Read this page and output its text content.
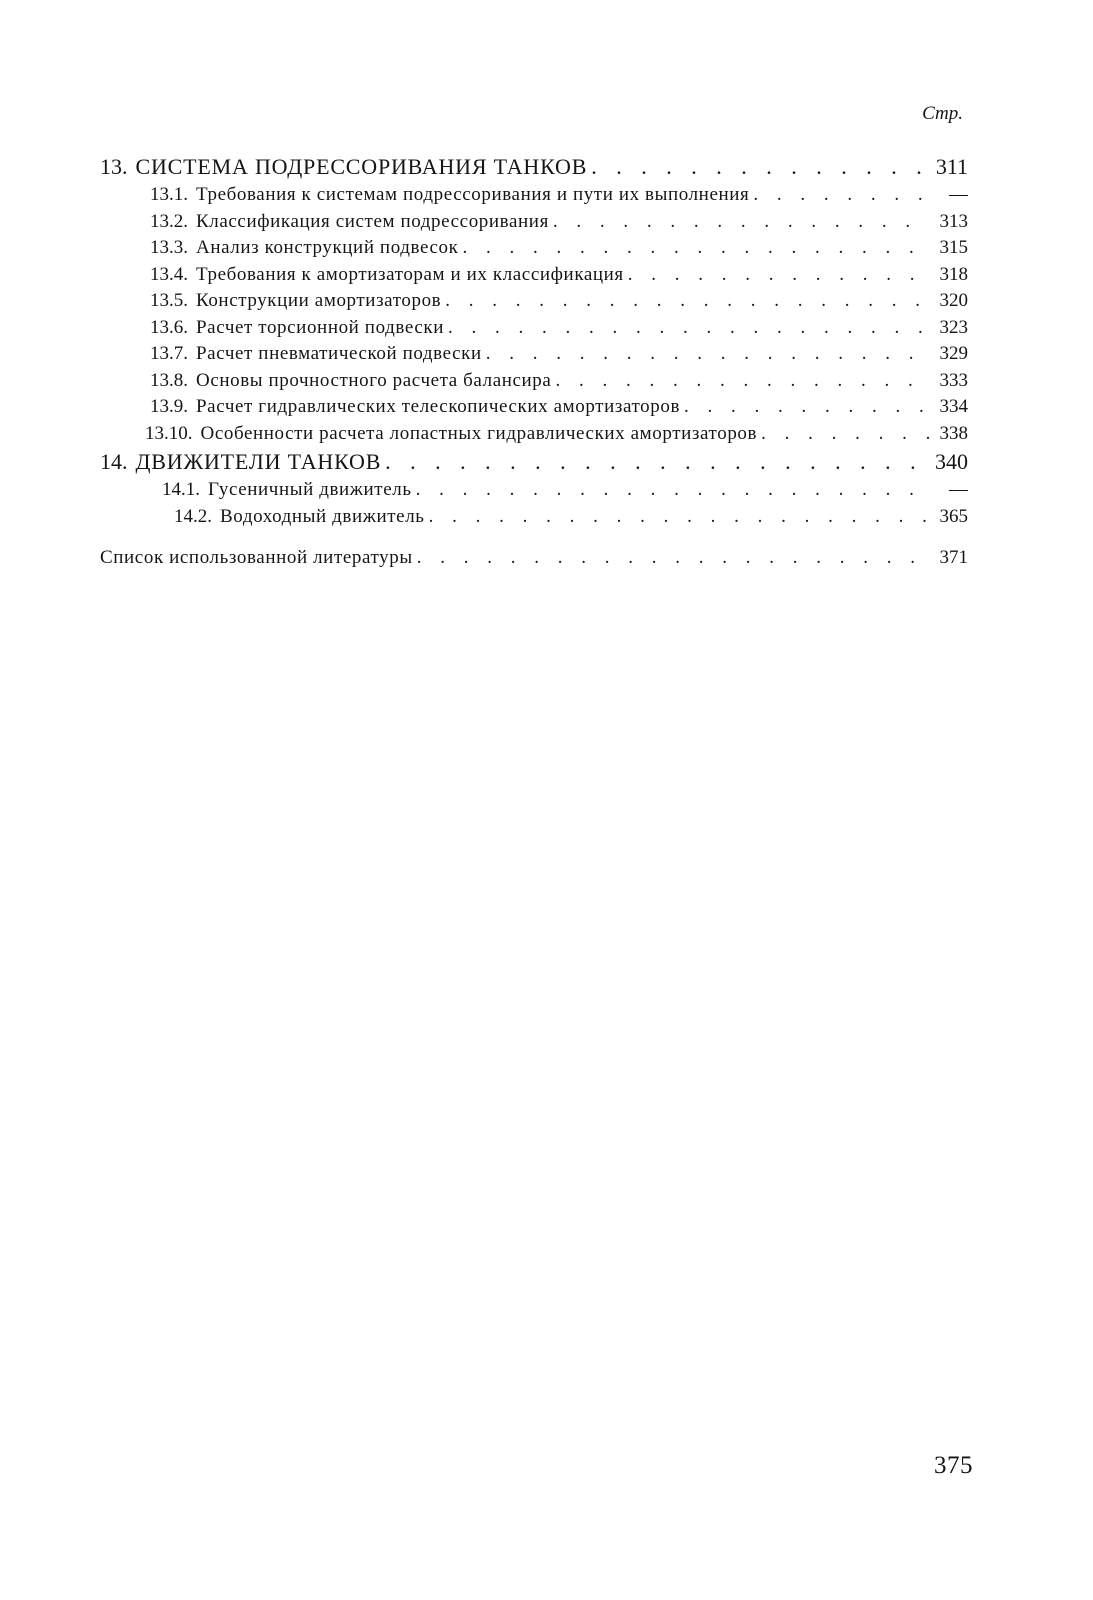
Стр.
13. СИСТЕМА ПОДРЕССОРИВАНИЯ ТАНКОВ . . .	311
13.1. Требования к системам подрессоривания и пути их выполнения . . .	—
13.2. Классификация систем подрессоривания . . .	313
13.3. Анализ конструкций подвесок . . .	315
13.4. Требования к амортизаторам и их классификация . . .	318
13.5. Конструкции амортизаторов . . .	320
13.6. Расчет торсионной подвески . . .	323
13.7. Расчет пневматической подвески . . .	329
13.8. Основы прочностного расчета балансира . . .	333
13.9. Расчет гидравлических телескопических амортизаторов . . .	334
13.10. Особенности расчета лопастных гидравлических амортизаторов . . .	338
14. ДВИЖИТЕЛИ ТАНКОВ . . .	340
14.1. Гусеничный движитель . . .	—
14.2. Водоходный движитель . . .	365
Список использованной литературы . . .	371
375
